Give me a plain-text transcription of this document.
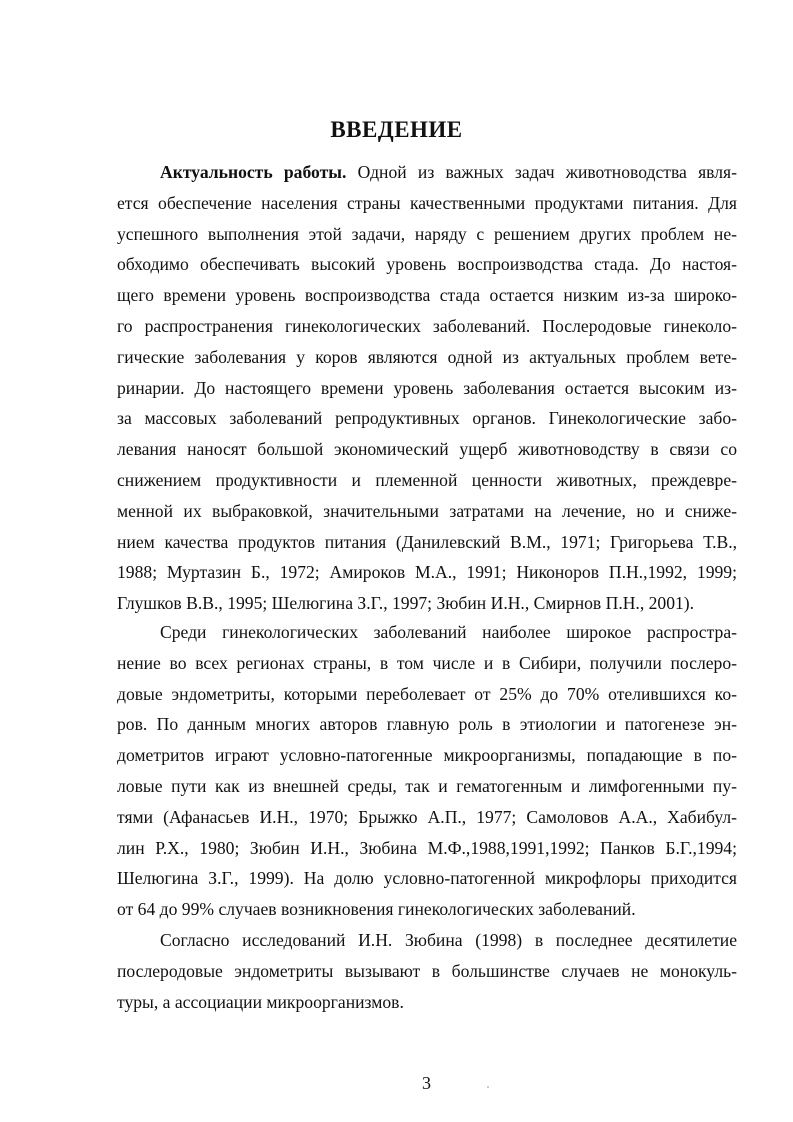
ВВЕДЕНИЕ
Актуальность работы. Одной из важных задач животноводства явля-
ется обеспечение населения страны качественными продуктами питания. Для
успешного выполнения этой задачи, наряду с решением других проблем не-
обходимо обеспечивать высокий уровень воспроизводства стада. До настоя-
щего времени уровень воспроизводства стада остается низким из-за широко-
го распространения гинекологических заболеваний. Послеродовые гинеколо-
гические заболевания у коров являются одной из актуальных проблем вете-
ринарии. До настоящего времени уровень заболевания остается высоким из-
за массовых заболеваний репродуктивных органов. Гинекологические забо-
левания наносят большой экономический ущерб животноводству в связи со
снижением продуктивности и племенной ценности животных, преждевре-
менной их выбраковкой, значительными затратами на лечение, но и сниже-
нием качества продуктов питания (Данилевский В.М., 1971; Григорьева Т.В.,
1988; Муртазин Б., 1972; Амироков М.А., 1991; Никоноров П.Н.,1992, 1999;
Глушков В.В., 1995; Шелюгина З.Г., 1997; Зюбин И.Н., Смирнов П.Н., 2001).
Среди гинекологических заболеваний наиболее широкое распростра-
нение во всех регионах страны, в том числе и в Сибири, получили послеро-
довые эндометриты, которыми переболевает от 25% до 70% отелившихся ко-
ров. По данным многих авторов главную роль в этиологии и патогенезе эн-
дометритов играют условно-патогенные микроорганизмы, попадающие в по-
ловые пути как из внешней среды, так и гематогенным и лимфогенными пу-
тями (Афанасьев И.Н., 1970; Брыжко А.П., 1977; Самоловов А.А., Хабибул-
лин Р.Х., 1980; Зюбин И.Н., Зюбина М.Ф.,1988,1991,1992; Панков Б.Г.,1994;
Шелюгина З.Г., 1999). На долю условно-патогенной микрофлоры приходится
от 64 до 99% случаев возникновения гинекологических заболеваний.
Согласно исследований И.Н. Зюбина (1998) в последнее десятилетие
послеродовые эндометриты вызывают в большинстве случаев не монокуль-
туры, а ассоциации микроорганизмов.
3
